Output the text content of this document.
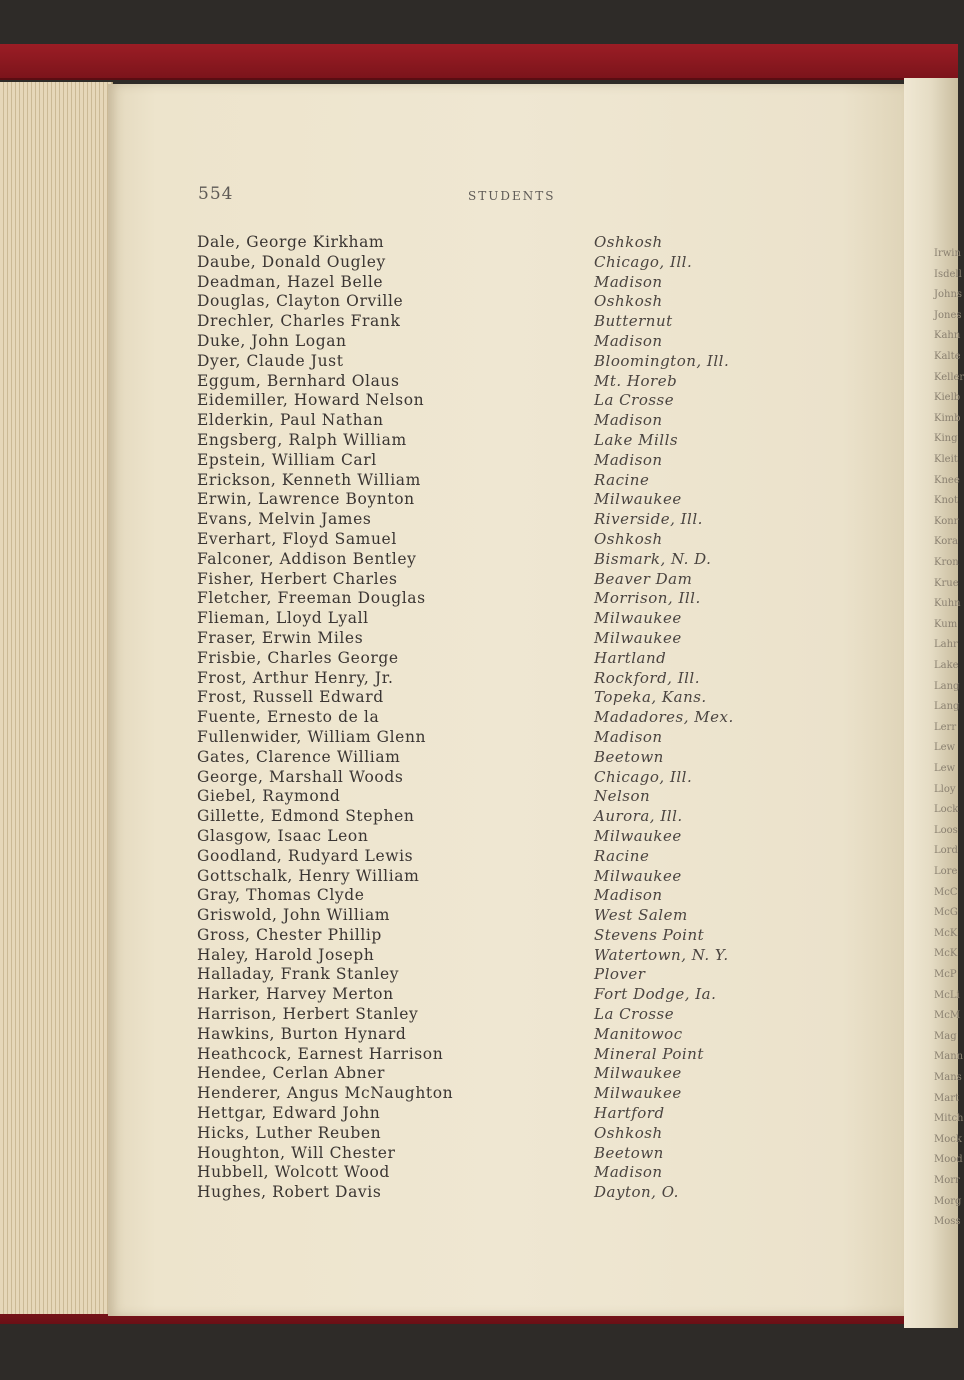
Irwin
Isdell
Johns
Jones
Kahn
Kalte
Keller
Kielb
Kimb
King
Kleit
Knee
Knot
Konr
Kora
Kron
Krue
Kuhn
Kum
Lahr
Lake
Lang
Lang
Lerr
Lew
Lew
Lloy
Lock
Loos
Lord
Lore
McC
McG
McK
McK
McP
McLi
McM
Mag
Mann
Mans
Mart
Mitch
Mock
Mood
Morr
Morg
Moss
554	STUDENTS
Dale, George Kirkham	Oshkosh
Daube, Donald Ougley	Chicago, Ill.
Deadman, Hazel Belle	Madison
Douglas, Clayton Orville	Oshkosh
Drechler, Charles Frank	Butternut
Duke, John Logan	Madison
Dyer, Claude Just	Bloomington, Ill.
Eggum, Bernhard Olaus	Mt. Horeb
Eidemiller, Howard Nelson	La Crosse
Elderkin, Paul Nathan	Madison
Engsberg, Ralph William	Lake Mills
Epstein, William Carl	Madison
Erickson, Kenneth William	Racine
Erwin, Lawrence Boynton	Milwaukee
Evans, Melvin James	Riverside, Ill.
Everhart, Floyd Samuel	Oshkosh
Falconer, Addison Bentley	Bismark, N. D.
Fisher, Herbert Charles	Beaver Dam
Fletcher, Freeman Douglas	Morrison, Ill.
Flieman, Lloyd Lyall	Milwaukee
Fraser, Erwin Miles	Milwaukee
Frisbie, Charles George	Hartland
Frost, Arthur Henry, Jr.	Rockford, Ill.
Frost, Russell Edward	Topeka, Kans.
Fuente, Ernesto de la	Madadores, Mex.
Fullenwider, William Glenn	Madison
Gates, Clarence William	Beetown
George, Marshall Woods	Chicago, Ill.
Giebel, Raymond	Nelson
Gillette, Edmond Stephen	Aurora, Ill.
Glasgow, Isaac Leon	Milwaukee
Goodland, Rudyard Lewis	Racine
Gottschalk, Henry William	Milwaukee
Gray, Thomas Clyde	Madison
Griswold, John William	West Salem
Gross, Chester Phillip	Stevens Point
Haley, Harold Joseph	Watertown, N. Y.
Halladay, Frank Stanley	Plover
Harker, Harvey Merton	Fort Dodge, Ia.
Harrison, Herbert Stanley	La Crosse
Hawkins, Burton Hynard	Manitowoc
Heathcock, Earnest Harrison	Mineral Point
Hendee, Cerlan Abner	Milwaukee
Henderer, Angus McNaughton	Milwaukee
Hettgar, Edward John	Hartford
Hicks, Luther Reuben	Oshkosh
Houghton, Will Chester	Beetown
Hubbell, Wolcott Wood	Madison
Hughes, Robert Davis	Dayton, O.
